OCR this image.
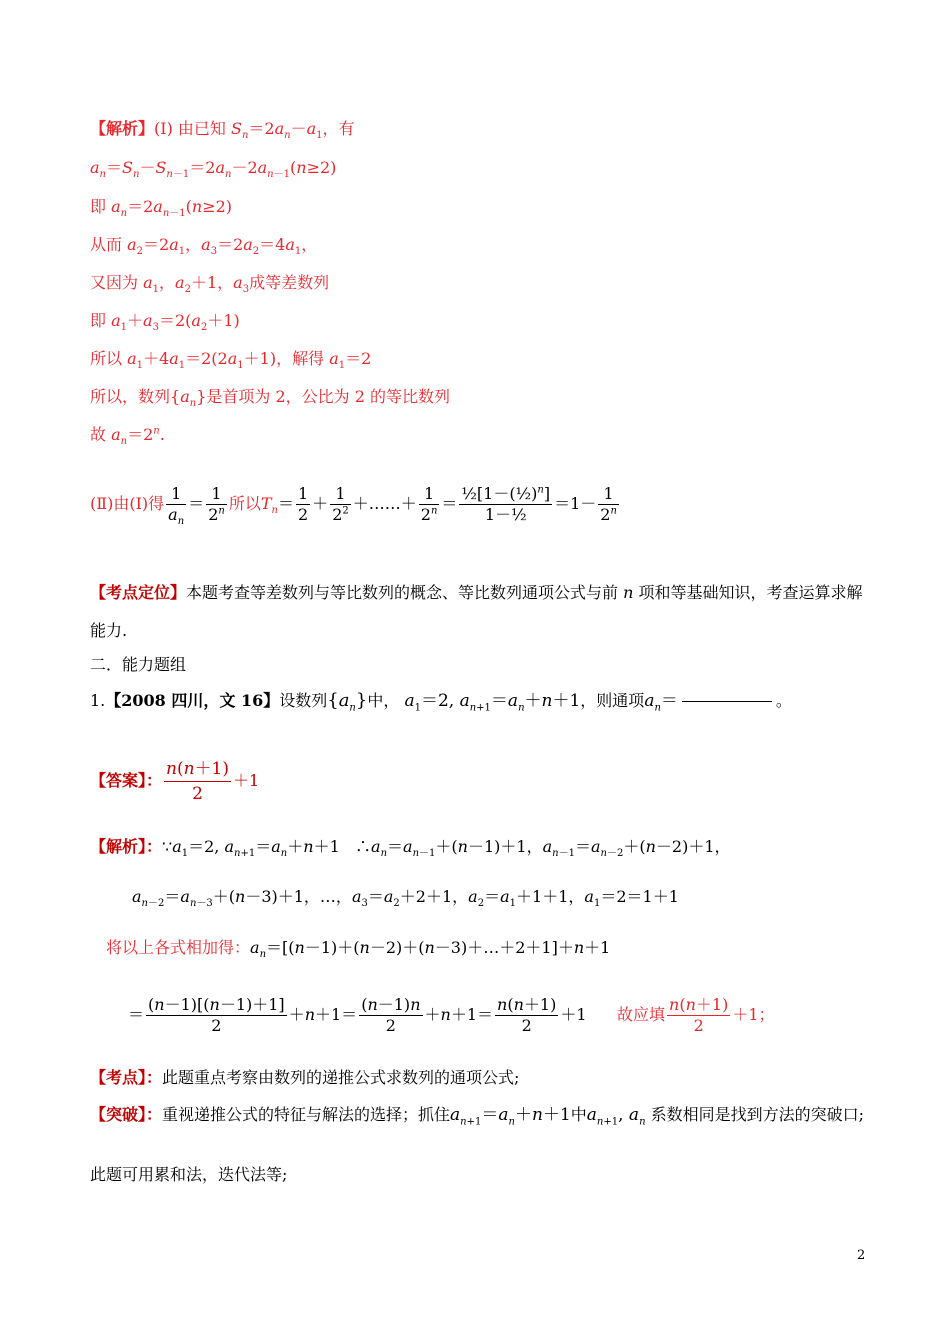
【解析】(Ⅰ) 由已知 $S_n=2a_n-a_1$，有
$a_n=S_n-S_{n-1}=2a_n-2a_{n-1}(n\ge 2)$
即 $a_n=2a_{n-1}(n\ge 2)$
从而 $a_2=2a_1$，$a_3=2a_2=4a_1$，
又因为 $a_1$，$a_2+1$，$a_3$成等差数列
即 $a_1+a_3=2(a_2+1)$
所以 $a_1+4a_1=2(2a_1+1)$，解得 $a_1=2$
所以，数列$\{a_n\}$是首项为 2，公比为 2 的等比数列
故 $a_n=2^n$.
(Ⅱ)由(Ⅰ)得 $\frac{1}{a_n} = \frac{1}{2^n}$ 所以 $T_n = \frac{1}{2} + \frac{1}{2^2}$ ＋……＋ $\frac{1}{2^n} = \frac{\frac{1}{2}[1-(\frac{1}{2})^n]}{\text{1－½}} =1- \frac{1}{2^n}$
【考点定位】本题考查等差数列与等比数列的概念、等比数列通项公式与前 n 项和等基础知识，考查运算求解
能力.
二．能力题组
1. 【2008 四川，文 16】 设数列 $\{a_n\}$ 中，
$a_1=2$, $a_{n+1}=a_n+n+1$ ，则通项 $a_n=$	。
【答案】： $\frac{n(n+1)}{2} +1$
【解析】：$\because a_1=2$, $a_{n+1}=a_n+n+1$   $\therefore a_n=a_{n-1}+(n-1)+1$，$a_{n-1}=a_{n-2}+(n-2)+1$，
$a_{n-2}=a_{n-3}+(n-3)+1$，…，$a_3=a_2+2+1$，$a_2=a_1+1+1$，$a_1=2=1+1$
将以上各式相加得：$a_n=[(n-1)+(n-2)+(n-3)+\dots+2+1]+n+1$
＝ $\frac{(n-1)[(n-1)+1]}{2} + n +1= \frac{(n-1)n}{2} + n +1= \frac{n(n+1)}{2} +1$ 故应填 $\frac{n(n+1)}{2} +1$；
【考点】：此题重点考察由数列的递推公式求数列的通项公式;
【突破】： 重视递推公式的特征与解法的选择；抓住 $a_{n+1}=a_n+n+1$ 中 $a_{n+1}$, $a_n$
系数相同是找到方法的突破口;
此题可用累和法，迭代法等;
2
